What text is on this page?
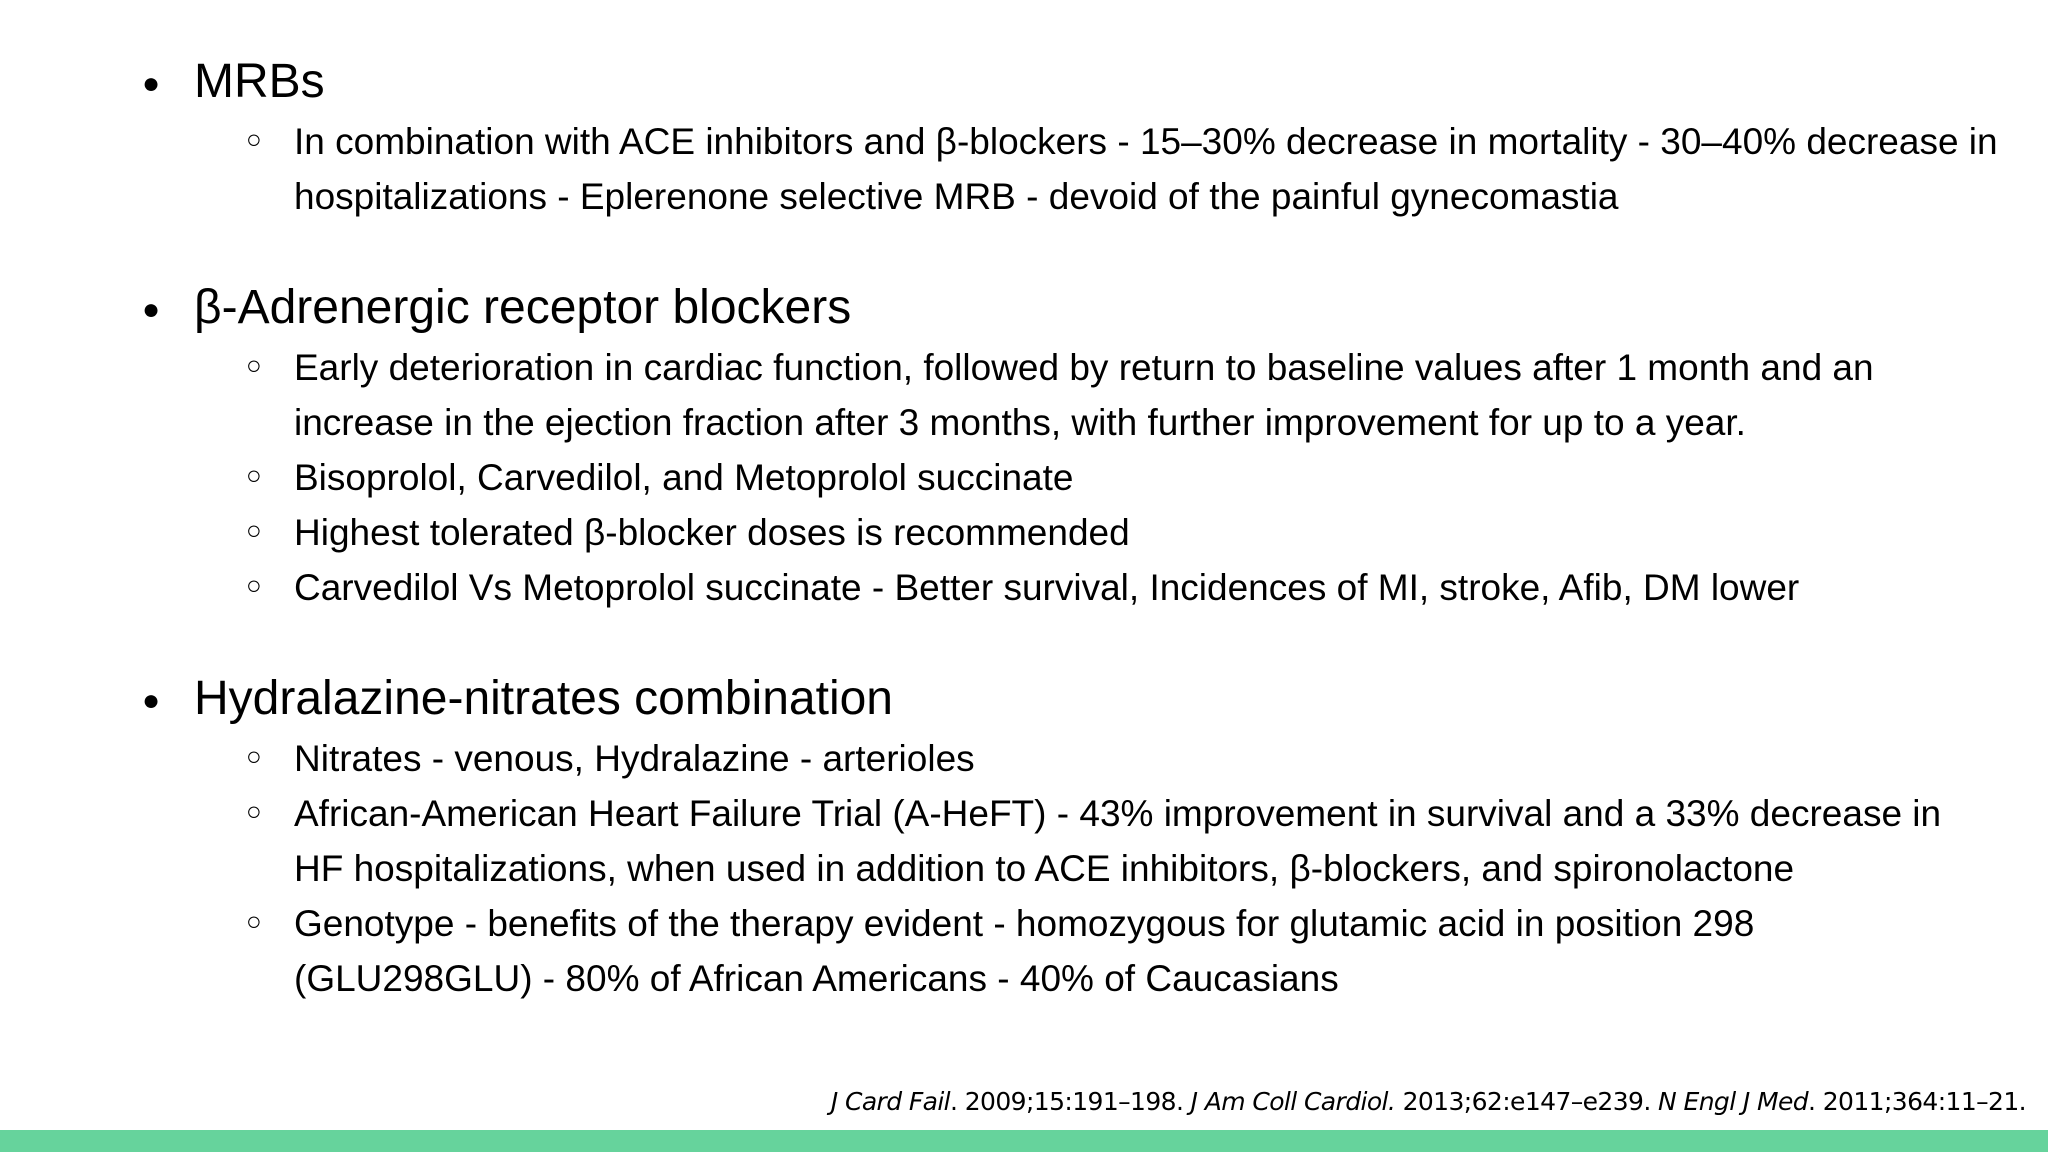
● MRBs
○ In combination with ACE inhibitors and β-blockers - 15–30% decrease in mortality - 30–40% decrease in hospitalizations - Eplerenone selective MRB - devoid of the painful gynecomastia
● β-Adrenergic receptor blockers
○ Early deterioration in cardiac function, followed by return to baseline values after 1 month and an increase in the ejection fraction after 3 months, with further improvement for up to a year.
○ Bisoprolol, Carvedilol, and Metoprolol succinate
○ Highest tolerated β-blocker doses is recommended
○ Carvedilol Vs Metoprolol succinate - Better survival, Incidences of MI, stroke, Afib, DM lower
● Hydralazine-nitrates combination
○ Nitrates - venous, Hydralazine - arterioles
○ African-American Heart Failure Trial (A-HeFT) - 43% improvement in survival and a 33% decrease in HF hospitalizations, when used in addition to ACE inhibitors, β-blockers, and spironolactone
○ Genotype - benefits of the therapy evident - homozygous for glutamic acid in position 298 (GLU298GLU) - 80% of African Americans - 40% of Caucasians
J Card Fail. 2009;15:191–198. J Am Coll Cardiol. 2013;62:e147–e239. N Engl J Med. 2011;364:11–21.
